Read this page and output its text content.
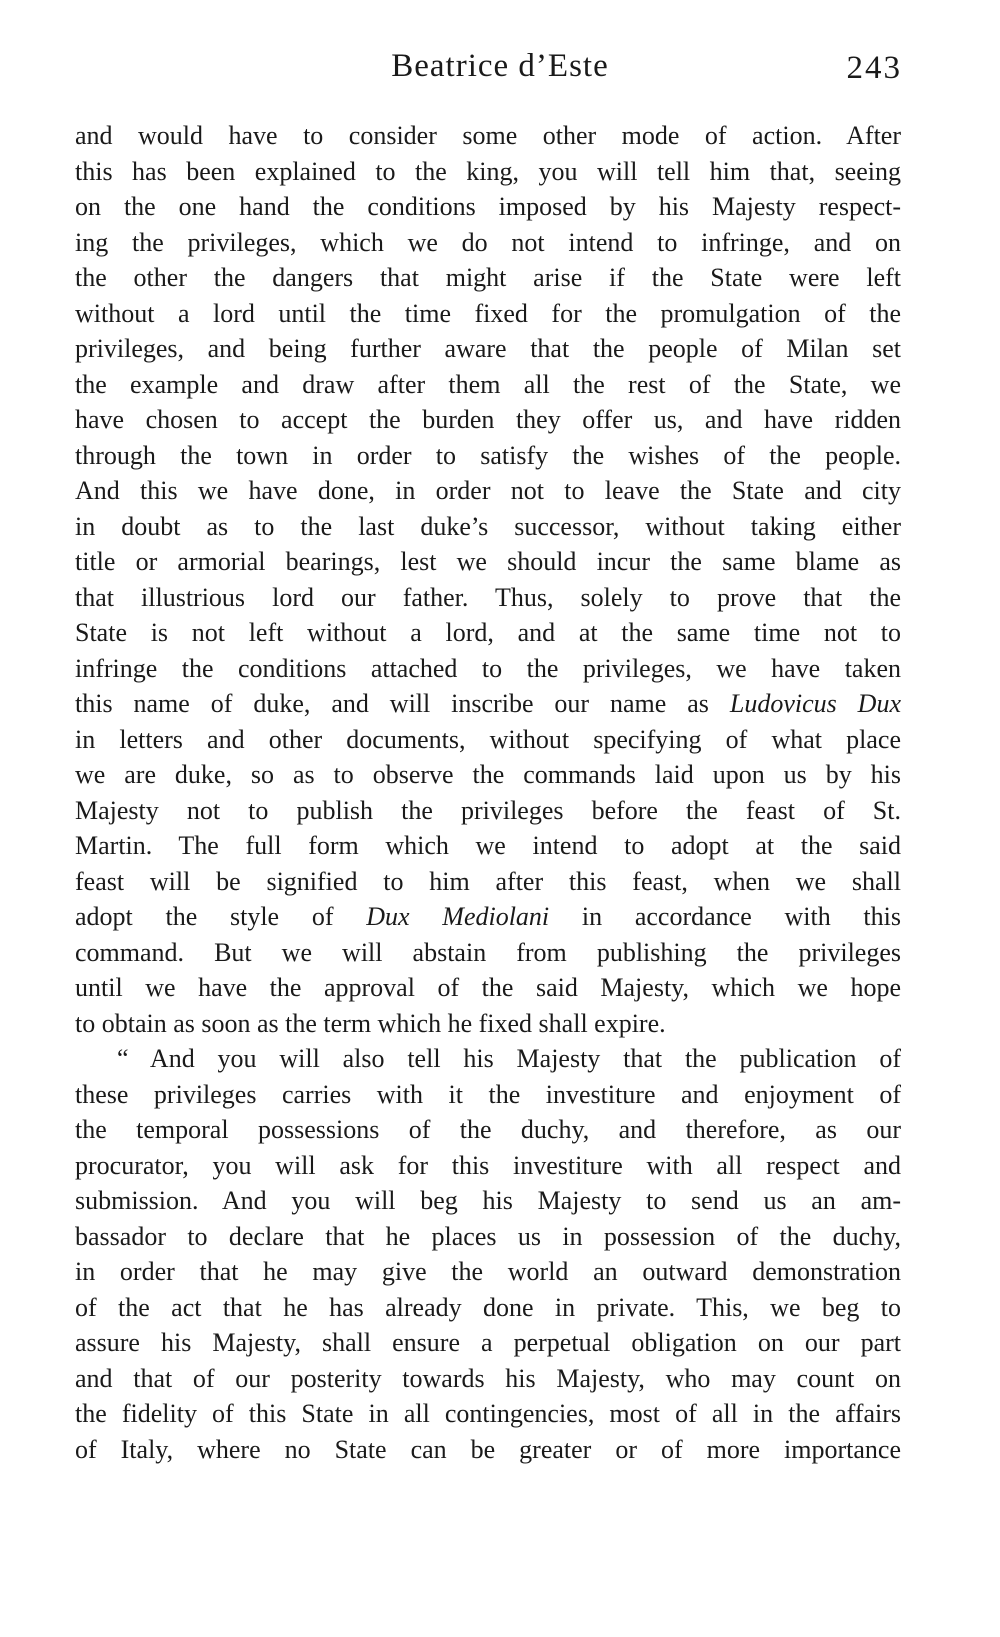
Beatrice d’Este	243
and would have to consider some other mode of action. After
this has been explained to the king, you will tell him that, seeing
on the one hand the conditions imposed by his Majesty respect-
ing the privileges, which we do not intend to infringe, and on
the other the dangers that might arise if the State were left
without a lord until the time fixed for the promulgation of the
privileges, and being further aware that the people of Milan set
the example and draw after them all the rest of the State, we
have chosen to accept the burden they offer us, and have ridden
through the town in order to satisfy the wishes of the people.
And this we have done, in order not to leave the State and city
in doubt as to the last duke’s successor, without taking either
title or armorial bearings, lest we should incur the same blame as
that illustrious lord our father. Thus, solely to prove that the
State is not left without a lord, and at the same time not to
infringe the conditions attached to the privileges, we have taken
this name of duke, and will inscribe our name as Ludovicus Dux
in letters and other documents, without specifying of what place
we are duke, so as to observe the commands laid upon us by his
Majesty not to publish the privileges before the feast of St.
Martin. The full form which we intend to adopt at the said
feast will be signified to him after this feast, when we shall
adopt the style of Dux Mediolani in accordance with this
command. But we will abstain from publishing the privileges
until we have the approval of the said Majesty, which we hope
to obtain as soon as the term which he fixed shall expire.
“ And you will also tell his Majesty that the publication of
these privileges carries with it the investiture and enjoyment of
the temporal possessions of the duchy, and therefore, as our
procurator, you will ask for this investiture with all respect and
submission. And you will beg his Majesty to send us an am-
bassador to declare that he places us in possession of the duchy,
in order that he may give the world an outward demonstration
of the act that he has already done in private. This, we beg to
assure his Majesty, shall ensure a perpetual obligation on our part
and that of our posterity towards his Majesty, who may count on
the fidelity of this State in all contingencies, most of all in the affairs
of Italy, where no State can be greater or of more importance
